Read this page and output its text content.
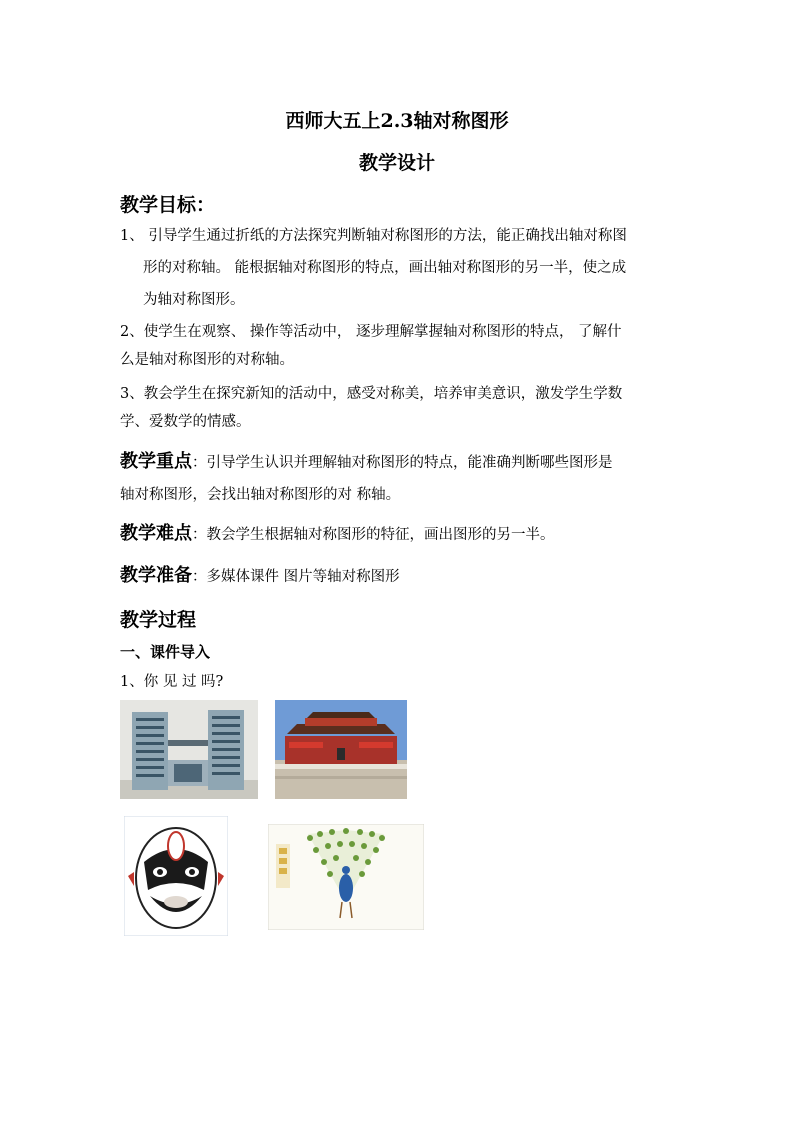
西师大五上2.3轴对称图形
教学设计
教学目标：
1、 引导学生通过折纸的方法探究判断轴对称图形的方法，能正确找出轴对称图
形的对称轴。 能根据轴对称图形的特点，画出轴对称图形的另一半，使之成
为轴对称图形。
2、使学生在观察、 操作等活动中， 逐步理解掌握轴对称图形的特点， 了解什
么是轴对称图形的对称轴。
3、教会学生在探究新知的活动中，感受对称美，培养审美意识，激发学生学数
学、爱数学的情感。
教学重点：引导学生认识并理解轴对称图形的特点，能准确判断哪些图形是
轴对称图形，会找出轴对称图形的对 称轴。
教学难点：教会学生根据轴对称图形的特征，画出图形的另一半。
教学准备：多媒体课件 图片等轴对称图形
教学过程
一、课件导入
1、你 见 过 吗?
